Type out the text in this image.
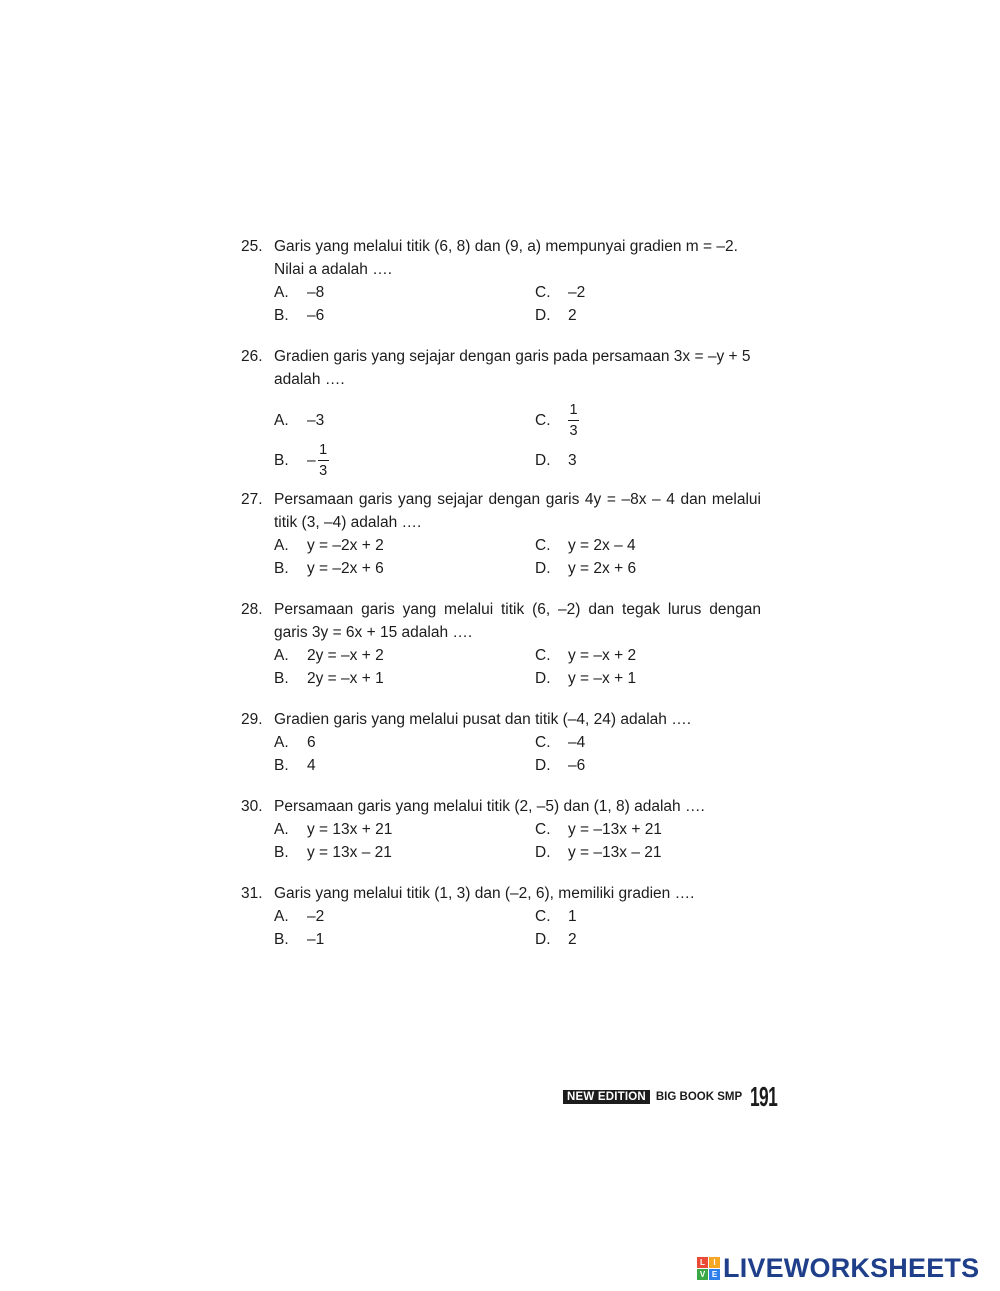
25. Garis yang melalui titik (6, 8) dan (9, a) mempunyai gradien m = –2.
Nilai a adalah ….
A.	–8	C.	–2
B.	–6	D.	2
26. Gradien garis yang sejajar dengan garis pada persamaan 3x = –y + 5
adalah ….
A.	–3	C.	$\frac{1}{3}$
B.	– $\frac{1}{3}$	D.	3
27. Persamaan garis yang sejajar dengan garis 4y = –8x – 4 dan melalui
titik (3, –4) adalah ….
A.	y = –2x + 2	C.	y = 2x – 4
B.	y = –2x + 6	D.	y = 2x + 6
28. Persamaan garis yang melalui titik (6, –2) dan tegak lurus dengan
garis 3y = 6x + 15 adalah ….
A.	2y = –x + 2	C.	y = –x + 2
B.	2y = –x + 1	D.	y = –x + 1
29. Gradien garis yang melalui pusat dan titik (–4, 24) adalah ….
A.	6	C.	–4
B.	4	D.	–6
30. Persamaan garis yang melalui titik (2, –5) dan (1, 8) adalah ….
A.	y = 13x + 21	C.	y = –13x + 21
B.	y = 13x – 21	D.	y = –13x – 21
31. Garis yang melalui titik (1, 3) dan (–2, 6), memiliki gradien ….
A.	–2	C.	1
B.	–1	D.	2
NEW EDITION BIG BOOK SMP 191
L	I
V E LIVEWORKSHEETS
